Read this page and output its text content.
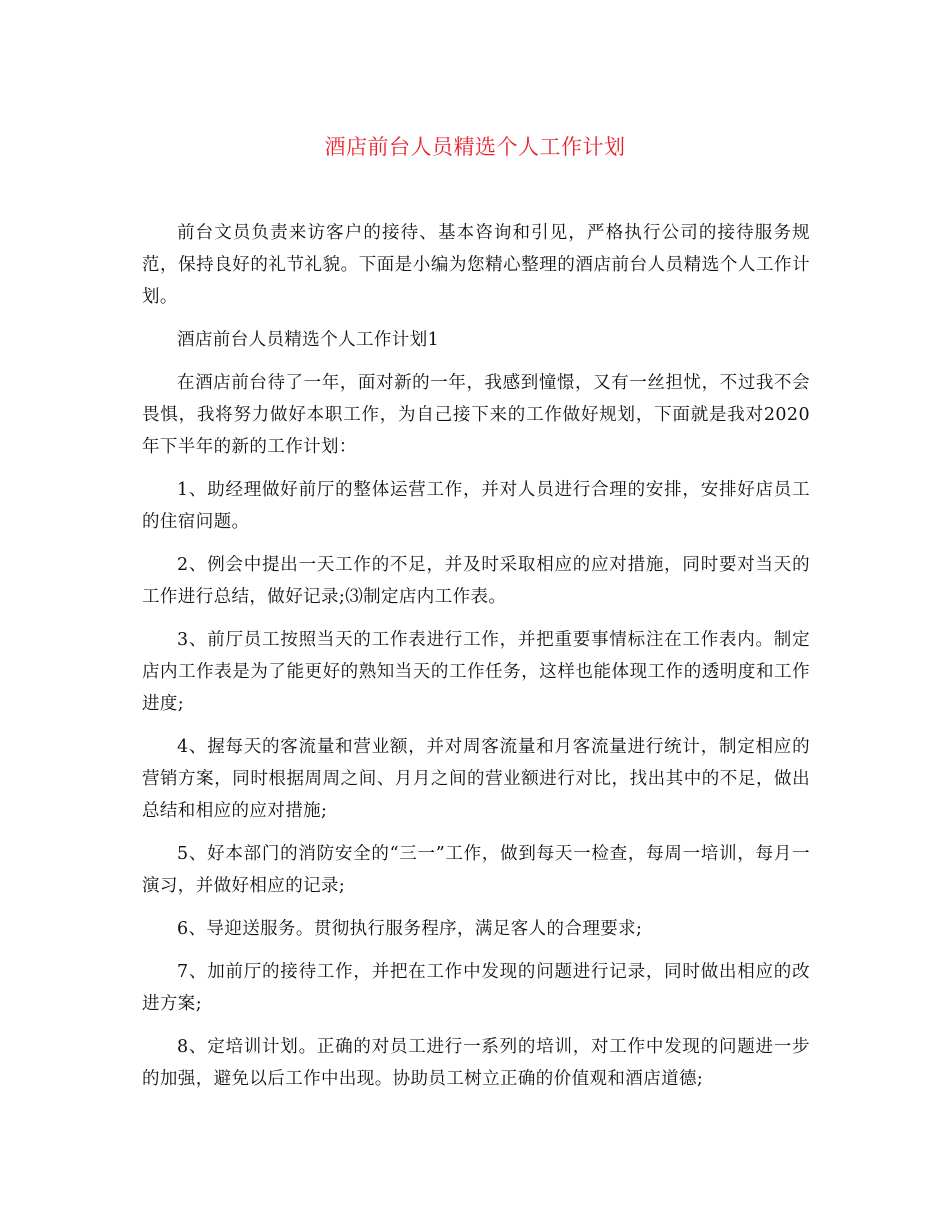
酒店前台人员精选个人工作计划

前台文员负责来访客户的接待、基本咨询和引见，严格执行公司的接待服务规范，保持良好的礼节礼貌。下面是小编为您精心整理的酒店前台人员精选个人工作计划。

酒店前台人员精选个人工作计划1

在酒店前台待了一年，面对新的一年，我感到憧憬，又有一丝担忧，不过我不会畏惧，我将努力做好本职工作，为自己接下来的工作做好规划，下面就是我对2020年下半年的新的工作计划：

1、助经理做好前厅的整体运营工作，并对人员进行合理的安排，安排好店员工的住宿问题。

2、例会中提出一天工作的不足，并及时采取相应的应对措施，同时要对当天的工作进行总结，做好记录;⑶制定店内工作表。

3、前厅员工按照当天的工作表进行工作，并把重要事情标注在工作表内。制定店内工作表是为了能更好的熟知当天的工作任务，这样也能体现工作的透明度和工作进度;

4、握每天的客流量和营业额，并对周客流量和月客流量进行统计，制定相应的营销方案，同时根据周周之间、月月之间的营业额进行对比，找出其中的不足，做出总结和相应的应对措施;

5、好本部门的消防安全的“三一”工作，做到每天一检查，每周一培训，每月一演习，并做好相应的记录;

6、导迎送服务。贯彻执行服务程序，满足客人的合理要求;

7、加前厅的接待工作，并把在工作中发现的问题进行记录，同时做出相应的改进方案;

8、定培训计划。正确的对员工进行一系列的培训，对工作中发现的问题进一步的加强，避免以后工作中出现。协助员工树立正确的价值观和酒店道德;
